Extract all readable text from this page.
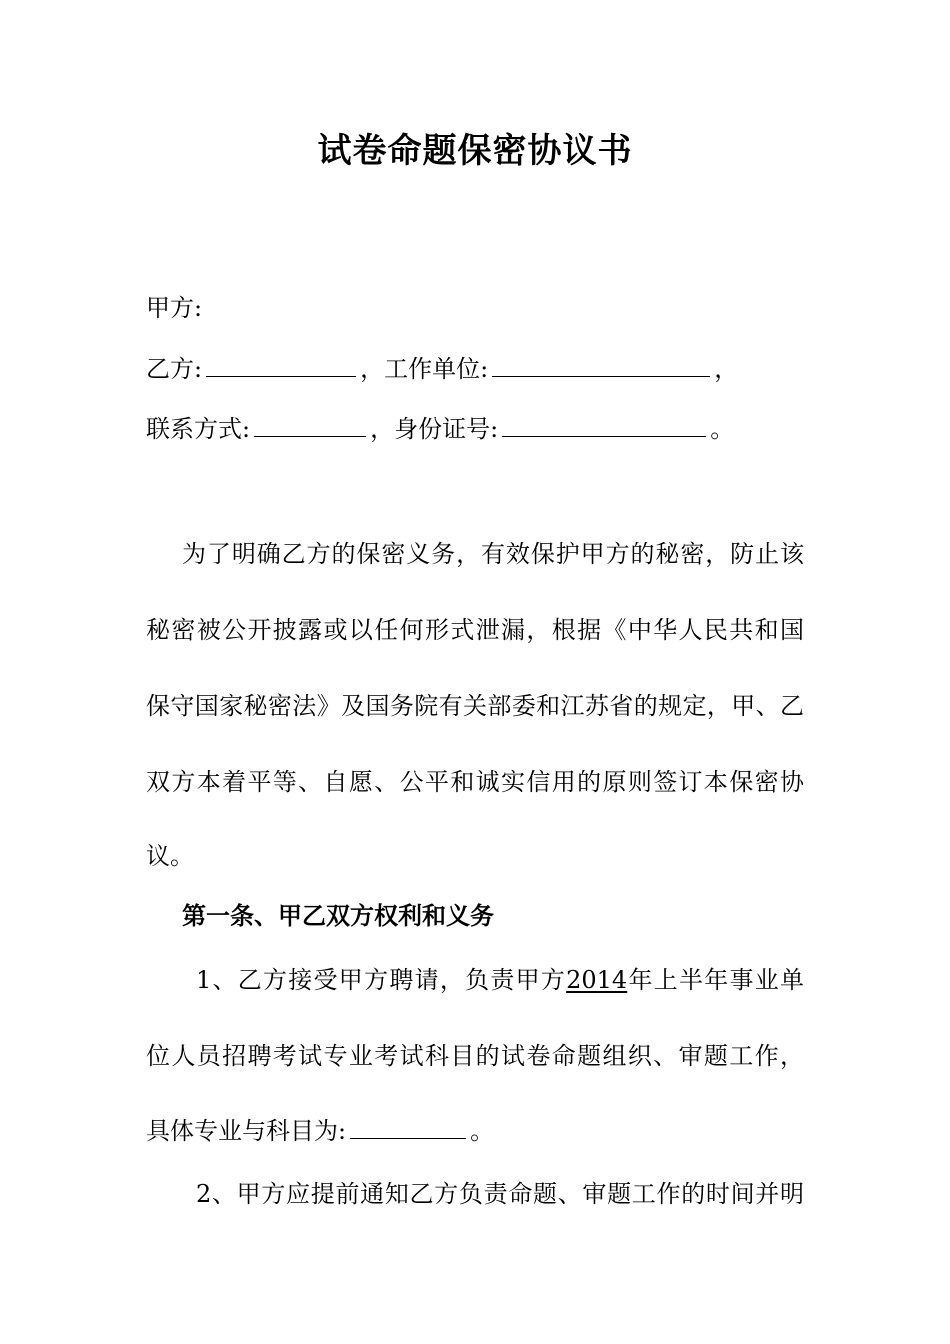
试卷命题保密协议书
甲方:
乙方:	，工作单位:	，
联系方式:	，身份证号:	。
为了明确乙方的保密义务，有效保护甲方的秘密，防止该
秘密被公开披露或以任何形式泄漏，根据《中华人民共和国
保守国家秘密法》及国务院有关部委和江苏省的规定，甲、乙
双方本着平等、自愿、公平和诚实信用的原则签订本保密协
议。
第一条、甲乙双方权利和义务
1、乙方接受甲方聘请，负责甲方2014年上半年事业单
位人员招聘考试专业考试科目的试卷命题组织、审题工作，
具体专业与科目为:	。
2、甲方应提前通知乙方负责命题、审题工作的时间并明
